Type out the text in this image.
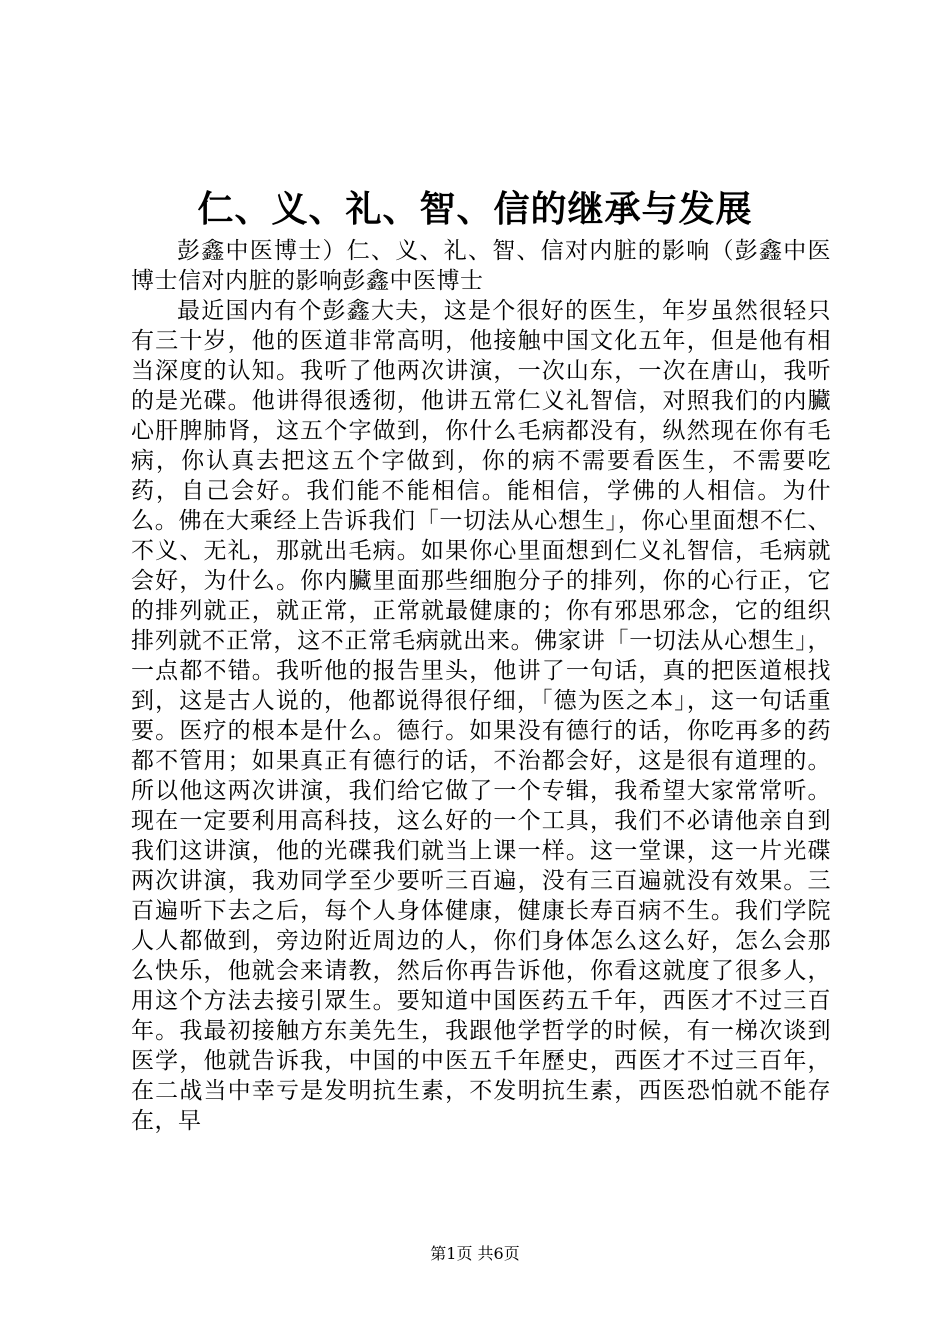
仁、义、礼、智、信的继承与发展

彭鑫中医博士）仁、义、礼、智、信对内脏的影响（彭鑫中医博士信对内脏的影响彭鑫中医博士

最近国内有个彭鑫大夫，这是个很好的医生，年岁虽然很轻只有三十岁，他的医道非常高明，他接触中国文化五年，但是他有相当深度的认知。我听了他两次讲演，一次山东，一次在唐山，我听的是光碟。他讲得很透彻，他讲五常仁义礼智信，对照我们的内臟心肝脾肺肾，这五个字做到，你什么毛病都没有，纵然现在你有毛病，你认真去把这五个字做到，你的病不需要看医生，不需要吃药，自己会好。我们能不能相信。能相信，学佛的人相信。为什么。佛在大乘经上告诉我们「一切法从心想生」，你心里面想不仁、不义、无礼，那就出毛病。如果你心里面想到仁义礼智信，毛病就会好，为什么。你内臟里面那些细胞分子的排列，你的心行正，它的排列就正，就正常，正常就最健康的；你有邪思邪念，它的组织排列就不正常，这不正常毛病就出来。佛家讲「一切法从心想生」，一点都不错。我听他的报告里头，他讲了一句话，真的把医道根找到，这是古人说的，他都说得很仔细，「德为医之本」，这一句话重要。医疗的根本是什么。德行。如果没有德行的话，你吃再多的药都不管用；如果真正有德行的话，不治都会好，这是很有道理的。所以他这两次讲演，我们给它做了一个专辑，我希望大家常常听。现在一定要利用高科技，这么好的一个工具，我们不必请他亲自到我们这讲演，他的光碟我们就当上课一样。这一堂课，这一片光碟两次讲演，我劝同学至少要听三百遍，没有三百遍就没有效果。三百遍听下去之后，每个人身体健康，健康长寿百病不生。我们学院人人都做到，旁边附近周边的人，你们身体怎么这么好，怎么会那么快乐，他就会来请教，然后你再告诉他，你看这就度了很多人，用这个方法去接引眾生。要知道中国医药五千年，西医才不过三百年。我最初接触方东美先生，我跟他学哲学的时候，有一梯次谈到医学，他就告诉我，中国的中医五千年歷史，西医才不过三百年，在二战当中幸亏是发明抗生素，不发明抗生素，西医恐怕就不能存在，早

第1页 共6页
